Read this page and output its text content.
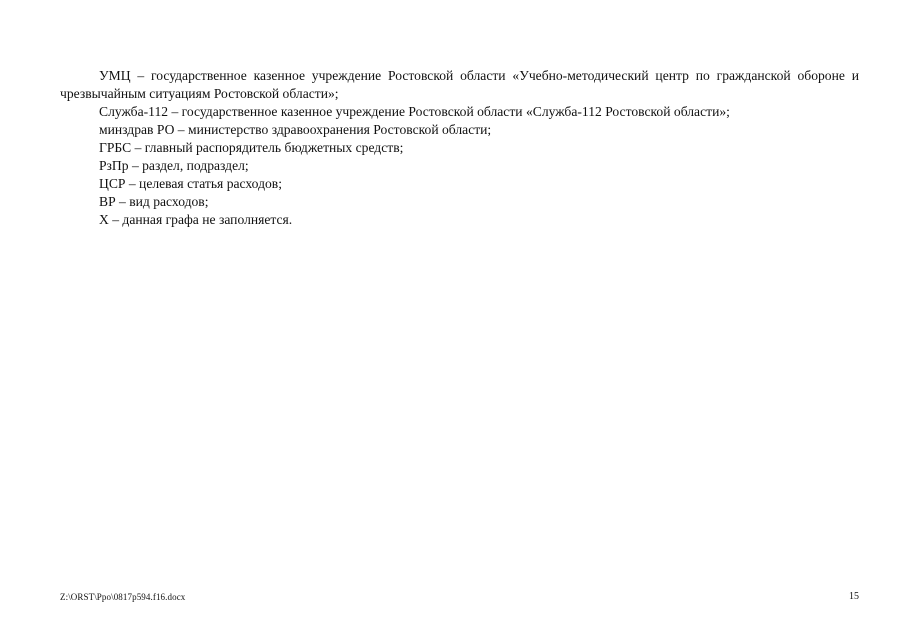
УМЦ – государственное казенное учреждение Ростовской области «Учебно-методический центр по гражданской обороне и чрезвычайным ситуациям Ростовской области»;

Служба-112 – государственное казенное учреждение Ростовской области «Служба-112 Ростовской области»;

минздрав РО – министерство здравоохранения Ростовской области;

ГРБС – главный распорядитель бюджетных средств;

РзПр – раздел, подраздел;

ЦСР – целевая статья расходов;

ВР – вид расходов;

Х – данная графа не заполняется.

Z:\ORST\Ppo\0817p594.f16.docx	15
